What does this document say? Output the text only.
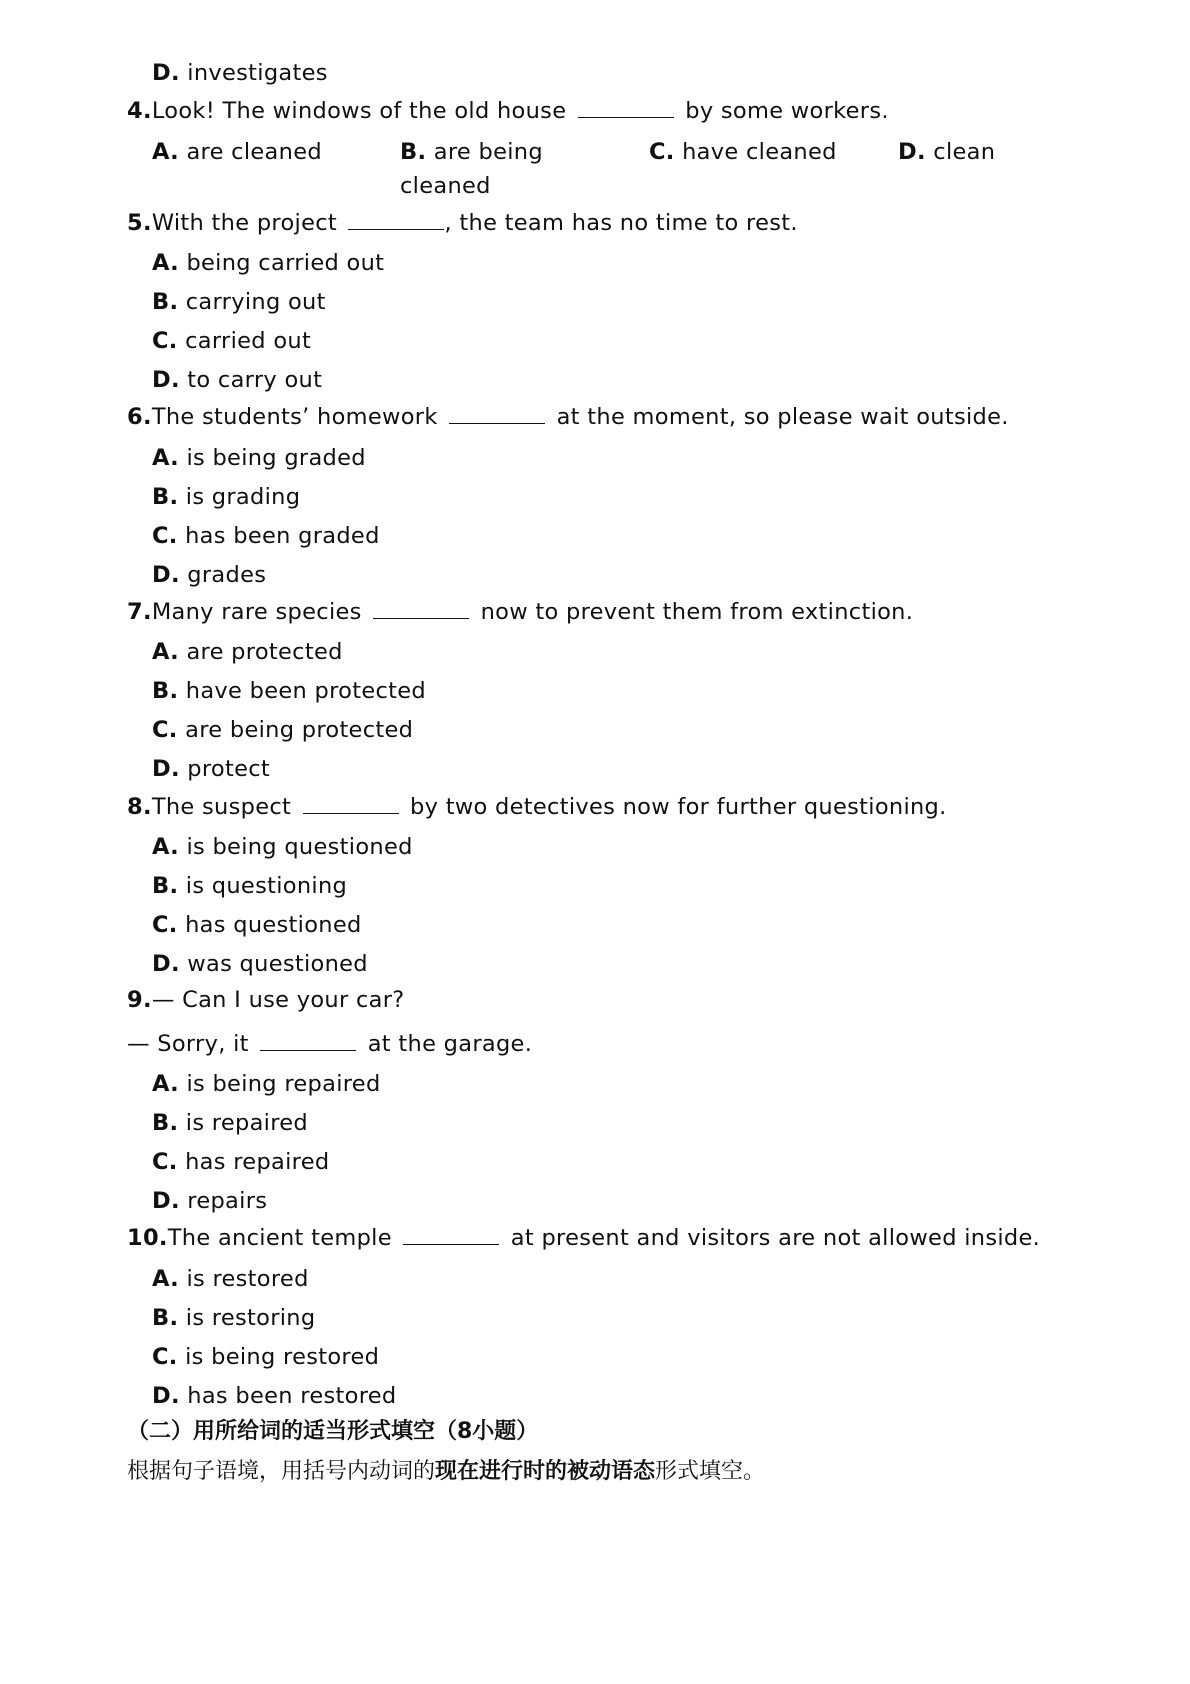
D. investigates
4.Look! The windows of the old house	by some workers.
A. are cleaned	B. are being
cleaned
C. have cleaned	D. clean
5.With the project	, the team has no time to rest.
A. being carried out
B. carrying out
C. carried out
D. to carry out
6.The students’ homework	at the moment, so please wait outside.
A. is being graded
B. is grading
C. has been graded
D. grades
7.Many rare species	now to prevent them from extinction.
A. are protected
B. have been protected
C. are being protected
D. protect
8.The suspect	by two detectives now for further questioning.
A. is being questioned
B. is questioning
C. has questioned
D. was questioned
9.— Can I use your car?
— Sorry, it	at the garage.
A. is being repaired
B. is repaired
C. has repaired
D. repairs
10.The ancient temple	at present and visitors are not allowed inside.
A. is restored
B. is restoring
C. is being restored
D. has been restored
（二）用所给词的适当形式填空（8小题）
根据句子语境，用括号内动词的现在进行时的被动语态形式填空。
